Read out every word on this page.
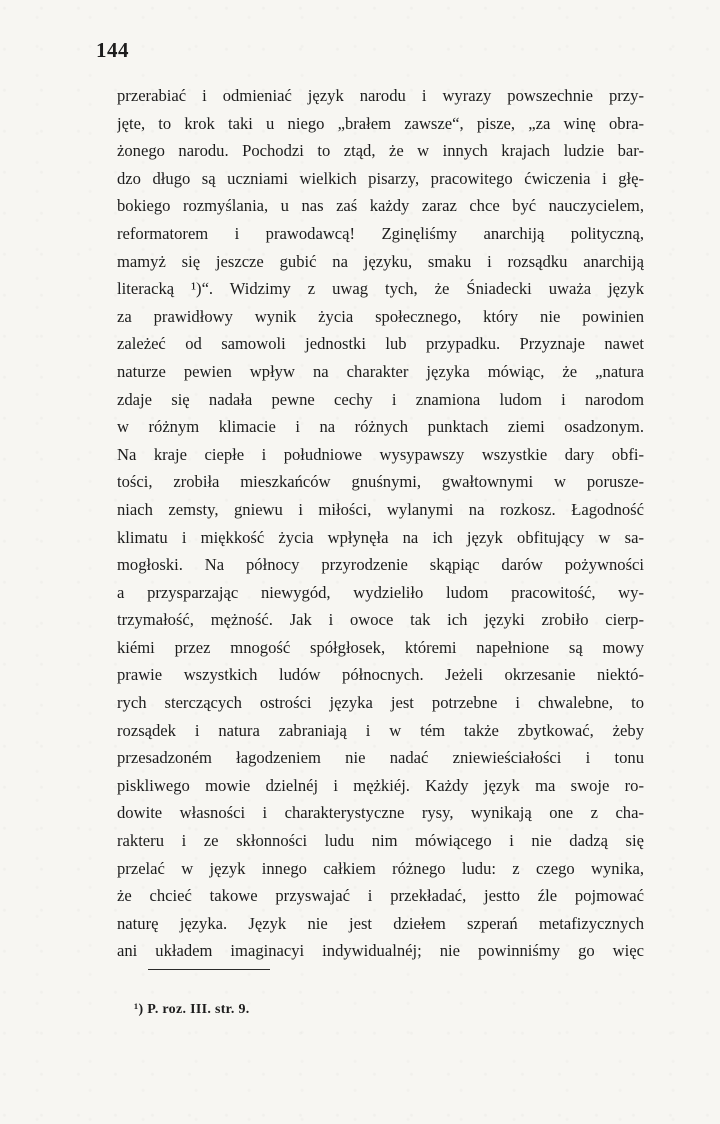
144
przerabiać i odmieniać język narodu i wyrazy powszechnie przy-
jęte, to krok taki u niego „brałem zawsze“, pisze, „za winę obra-
żonego narodu. Pochodzi to ztąd, że w innych krajach ludzie bar-
dzo długo są uczniami wielkich pisarzy, pracowitego ćwiczenia i głę-
bokiego rozmyślania, u nas zaś każdy zaraz chce być nauczycielem,
reformatorem i prawodawcą! Zginęliśmy anarchiją polityczną,
mamyż się jeszcze gubić na języku, smaku i rozsądku anarchiją
literacką ¹)“. Widzimy z uwag tych, że Śniadecki uważa język
za prawidłowy wynik życia społecznego, który nie powinien
zależeć od samowoli jednostki lub przypadku. Przyznaje nawet
naturze pewien wpływ na charakter języka mówiąc, że „natura
zdaje się nadała pewne cechy i znamiona ludom i narodom
w różnym klimacie i na różnych punktach ziemi osadzonym.
Na kraje ciepłe i południowe wysypawszy wszystkie dary obfi-
tości, zrobiła mieszkańców gnuśnymi, gwałtownymi w porusze-
niach zemsty, gniewu i miłości, wylanymi na rozkosz. Łagodność
klimatu i miękkość życia wpłynęła na ich język obfitujący w sa-
mogłoski. Na północy przyrodzenie skąpiąc darów pożywności
a przysparzając niewygód, wydzieliło ludom pracowitość, wy-
trzymałość, mężność. Jak i owoce tak ich języki zrobiło cierp-
kiémi przez mnogość spółgłosek, któremi napełnione są mowy
prawie wszystkich ludów północnych. Jeżeli okrzesanie niektó-
rych sterczących ostrości języka jest potrzebne i chwalebne, to
rozsądek i natura zabraniają i w tém także zbytkować, żeby
przesadzoném łagodzeniem nie nadać zniewieściałości i tonu
piskliwego mowie dzielnéj i mężkiéj. Każdy język ma swoje ro-
dowite własności i charakterystyczne rysy, wynikają one z cha-
rakteru i ze skłonności ludu nim mówiącego i nie dadzą się
przelać w język innego całkiem różnego ludu: z czego wynika,
że chcieć takowe przyswajać i przekładać, jestto źle pojmować
naturę języka. Język nie jest dziełem szperań metafizycznych
ani układem imaginacyi indywidualnéj; nie powinniśmy go więc
¹) P. roz. III. str. 9.
